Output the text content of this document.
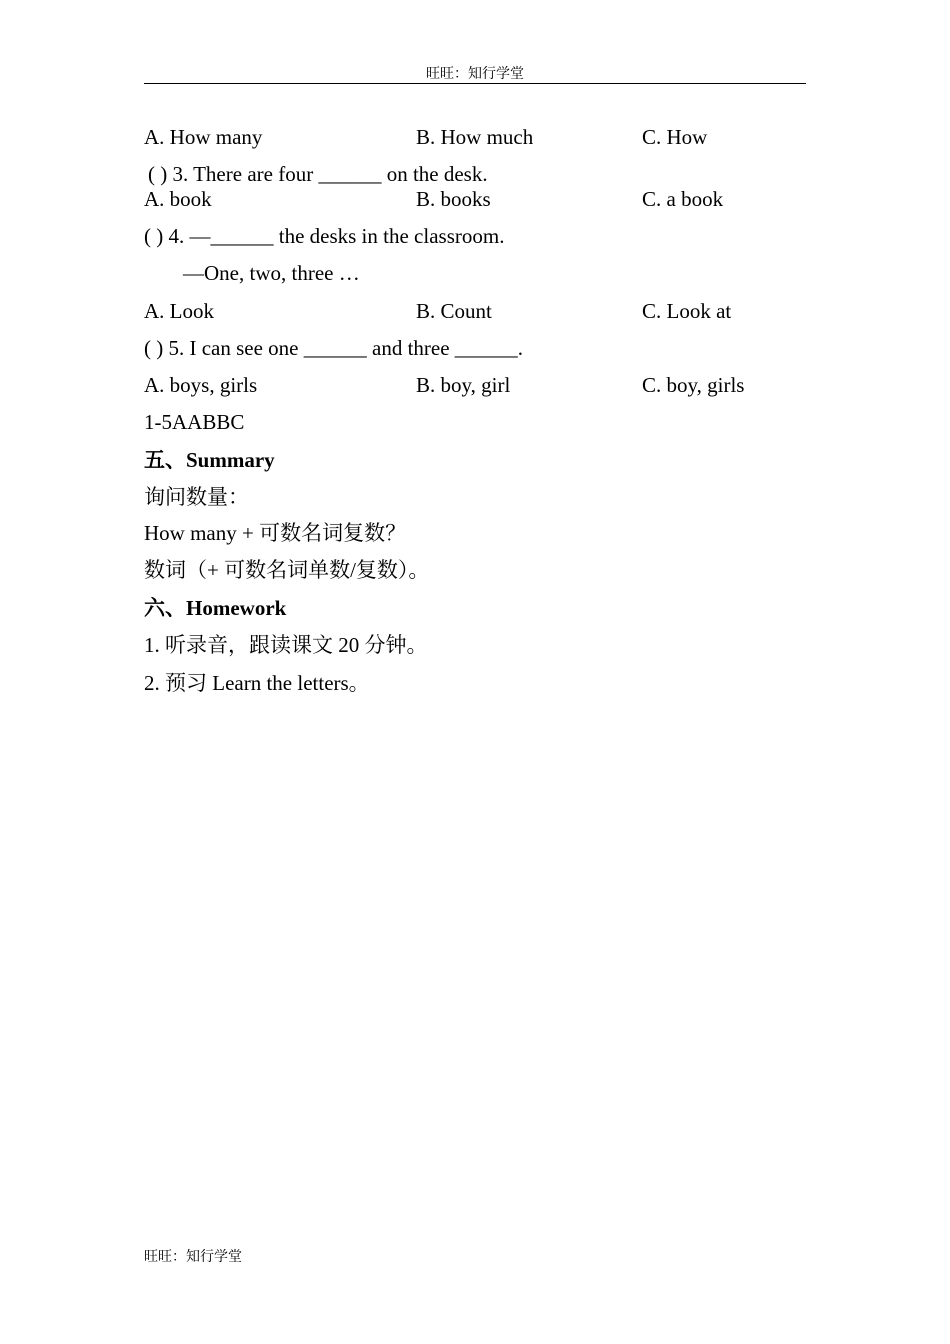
旺旺：知行学堂
A. How many	B. How much	C. How
( ) 3. There are four ______ on the desk.
A. book	B. books	C. a book
( ) 4. —______ the desks in the classroom.
—One, two, three …
A. Look	B. Count	C. Look at
( ) 5. I can see one ______ and three ______.
A. boys, girls	B. boy, girl	C. boy, girls
1-5AABBC
五、Summary
询问数量：
How many + 可数名词复数？
数词（+ 可数名词单数/复数）。
六、Homework
1. 听录音，跟读课文 20 分钟。
2. 预习 Learn the letters。
旺旺：知行学堂
